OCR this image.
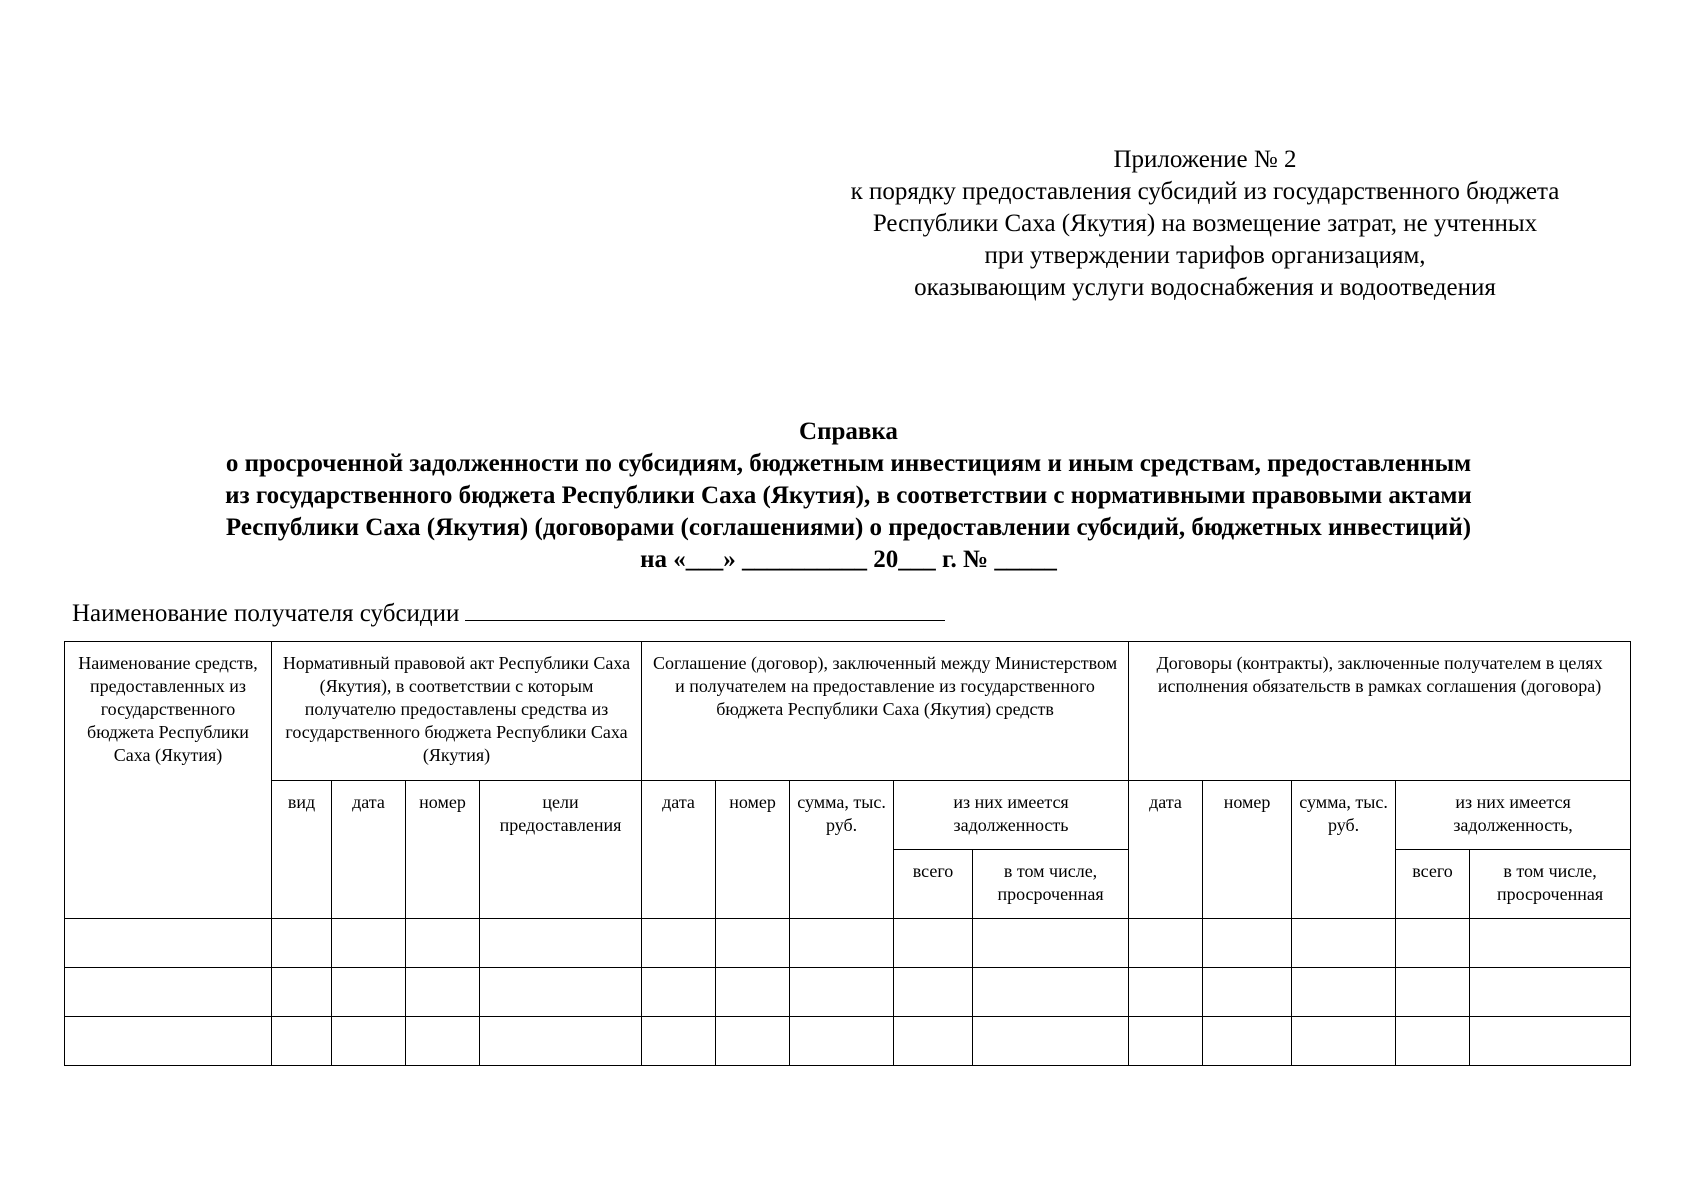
Приложение № 2
к порядку предоставления субсидий из государственного бюджета
Республики Саха (Якутия) на возмещение затрат, не учтенных
при утверждении тарифов организациям,
оказывающим услуги водоснабжения и водоотведения
Справка
о просроченной задолженности по субсидиям, бюджетным инвестициям и иным средствам, предоставленным
из государственного бюджета Республики Саха (Якутия), в соответствии с нормативными правовыми актами
Республики Саха (Якутия) (договорами (соглашениями) о предоставлении субсидий, бюджетных инвестиций)
на «___» __________ 20___ г. № _____
Наименование получателя субсидии
Наименование средств, предоставленных из государственного бюджета Республики Саха (Якутия)	Нормативный правовой акт Республики Саха (Якутия), в соответствии с которым получателю предоставлены средства из государственного бюджета Республики Саха (Якутия)				Соглашение (договор), заключенный между Министерством и получателем на предоставление из государственного бюджета Республики Саха (Якутия) средств					Договоры (контракты), заключенные получателем в целях исполнения обязательств в рамках соглашения (договора)				
	вид	дата	номер	цели предоставления	дата	номер	сумма, тыс. руб.	из них имеется задолженность		дата	номер	сумма, тыс. руб.	из них имеется задолженность,	
								всего	в том числе, просроченная				всего	в том числе, просроченная
